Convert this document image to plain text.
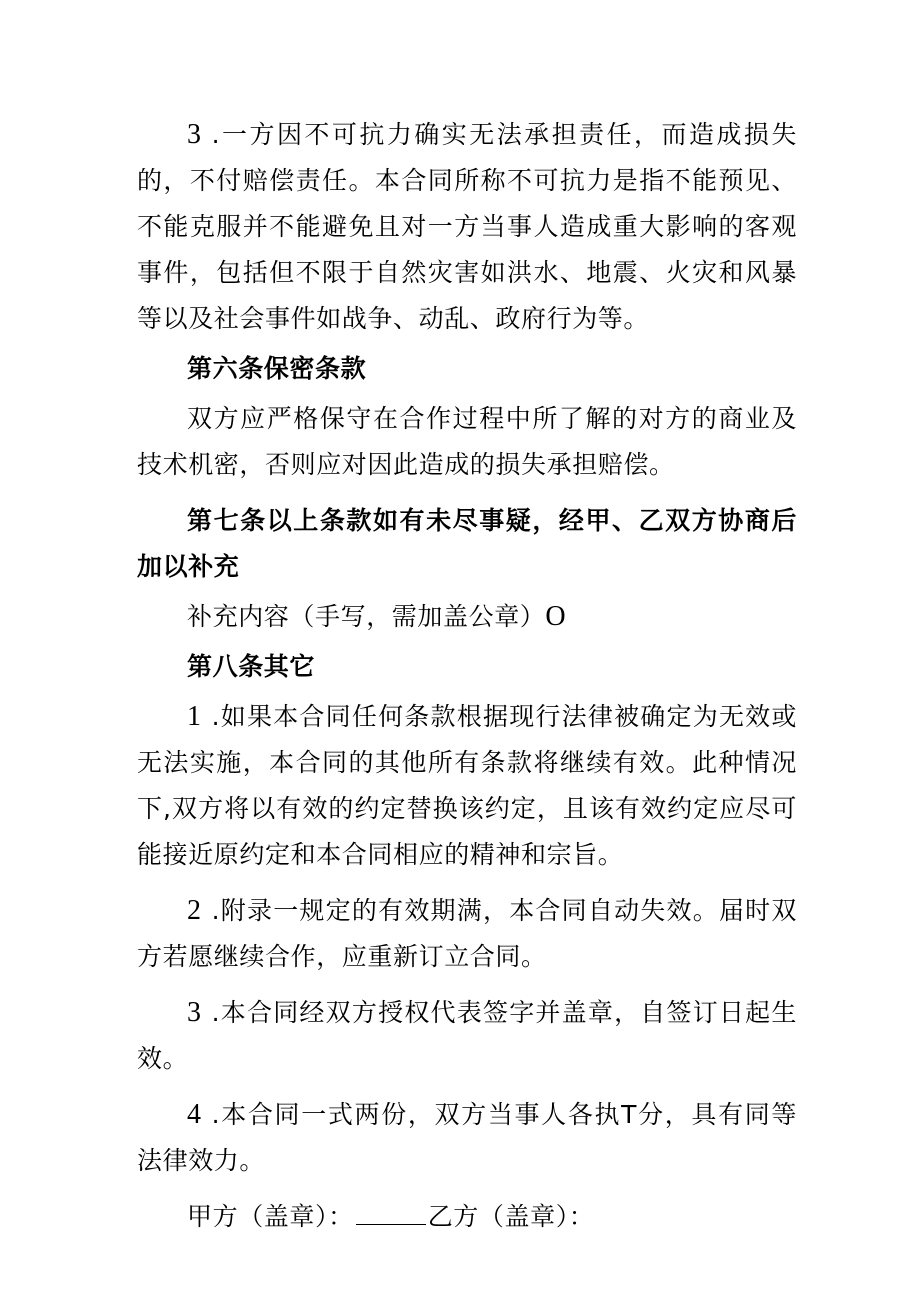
3 .一方因不可抗力确实无法承担责任，而造成损失的，不付赔偿责任。本合同所称不可抗力是指不能预见、不能克服并不能避免且对一方当事人造成重大影响的客观事件，包括但不限于自然灾害如洪水、地震、火灾和风暴等以及社会事件如战争、动乱、政府行为等。

第六条保密条款

双方应严格保守在合作过程中所了解的对方的商业及技术机密，否则应对因此造成的损失承担赔偿。

第七条以上条款如有未尽事疑，经甲、乙双方协商后加以补充

补充内容（手写，需加盖公章）O

第八条其它

1 .如果本合同任何条款根据现行法律被确定为无效或无法实施，本合同的其他所有条款将继续有效。此种情况下,双方将以有效的约定替换该约定，且该有效约定应尽可能接近原约定和本合同相应的精神和宗旨。

2 .附录一规定的有效期满，本合同自动失效。届时双方若愿继续合作，应重新订立合同。

3 .本合同经双方授权代表签字并盖章，自签订日起生效。

4 .本合同一式两份，双方当事人各执T分，具有同等法律效力。

甲方（盖章）：	乙方（盖章）：
